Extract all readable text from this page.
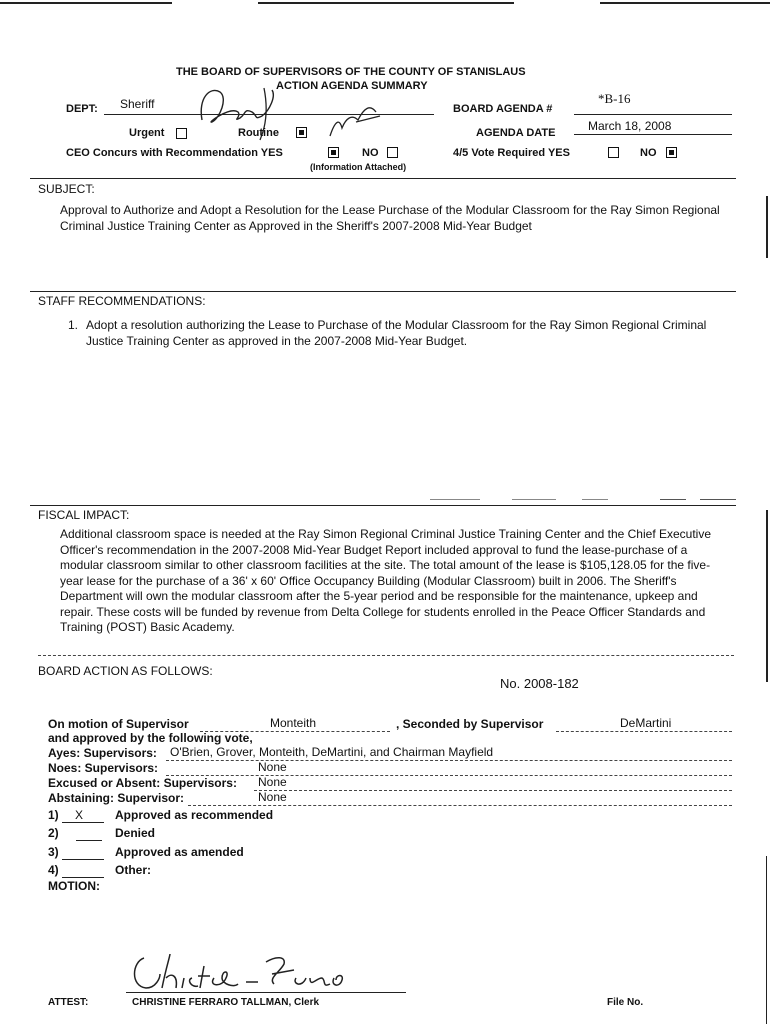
THE BOARD OF SUPERVISORS OF THE COUNTY OF STANISLAUS
ACTION AGENDA SUMMARY
DEPT: Sheriff	BOARD AGENDA #
*B-16
Urgent	Routine	AGENDA DATE	March 18, 2008
CEO Concurs with Recommendation YES	NO
(Information Attached)
4/5 Vote Required YES	NO
SUBJECT:
Approval to Authorize and Adopt a Resolution for the Lease Purchase of the Modular Classroom for the Ray Simon Regional Criminal Justice Training Center as Approved in the Sheriff's 2007-2008 Mid-Year Budget
STAFF RECOMMENDATIONS:
1. Adopt a resolution authorizing the Lease to Purchase of the Modular Classroom for the Ray Simon Regional Criminal Justice Training Center as approved in the 2007-2008 Mid-Year Budget.
FISCAL IMPACT:
Additional classroom space is needed at the Ray Simon Regional Criminal Justice Training Center and the Chief Executive Officer's recommendation in the 2007-2008 Mid-Year Budget Report included approval to fund the lease-purchase of a modular classroom similar to other classroom facilities at the site. The total amount of the lease is $105,128.05 for the five-year lease for the purchase of a 36' x 60' Office Occupancy Building (Modular Classroom) built in 2006. The Sheriff's Department will own the modular classroom after the 5-year period and be responsible for the maintenance, upkeep and repair. These costs will be funded by revenue from Delta College for students enrolled in the Peace Officer Standards and Training (POST) Basic Academy.
BOARD ACTION AS FOLLOWS:
No. 2008-182
On motion of Supervisor	Monteith	, Seconded by Supervisor	DeMartini
and approved by the following vote,
Ayes: Supervisors: O'Brien, Grover, Monteith, DeMartini, and Chairman Mayfield
Noes: Supervisors:	None
Excused or Absent: Supervisors: None
Abstaining: Supervisor:	None
1) X	Approved as recommended
2)	Denied
3)	Approved as amended
4)	Other:
MOTION:
ATTEST:	CHRISTINE FERRARO TALLMAN, Clerk	File No.
